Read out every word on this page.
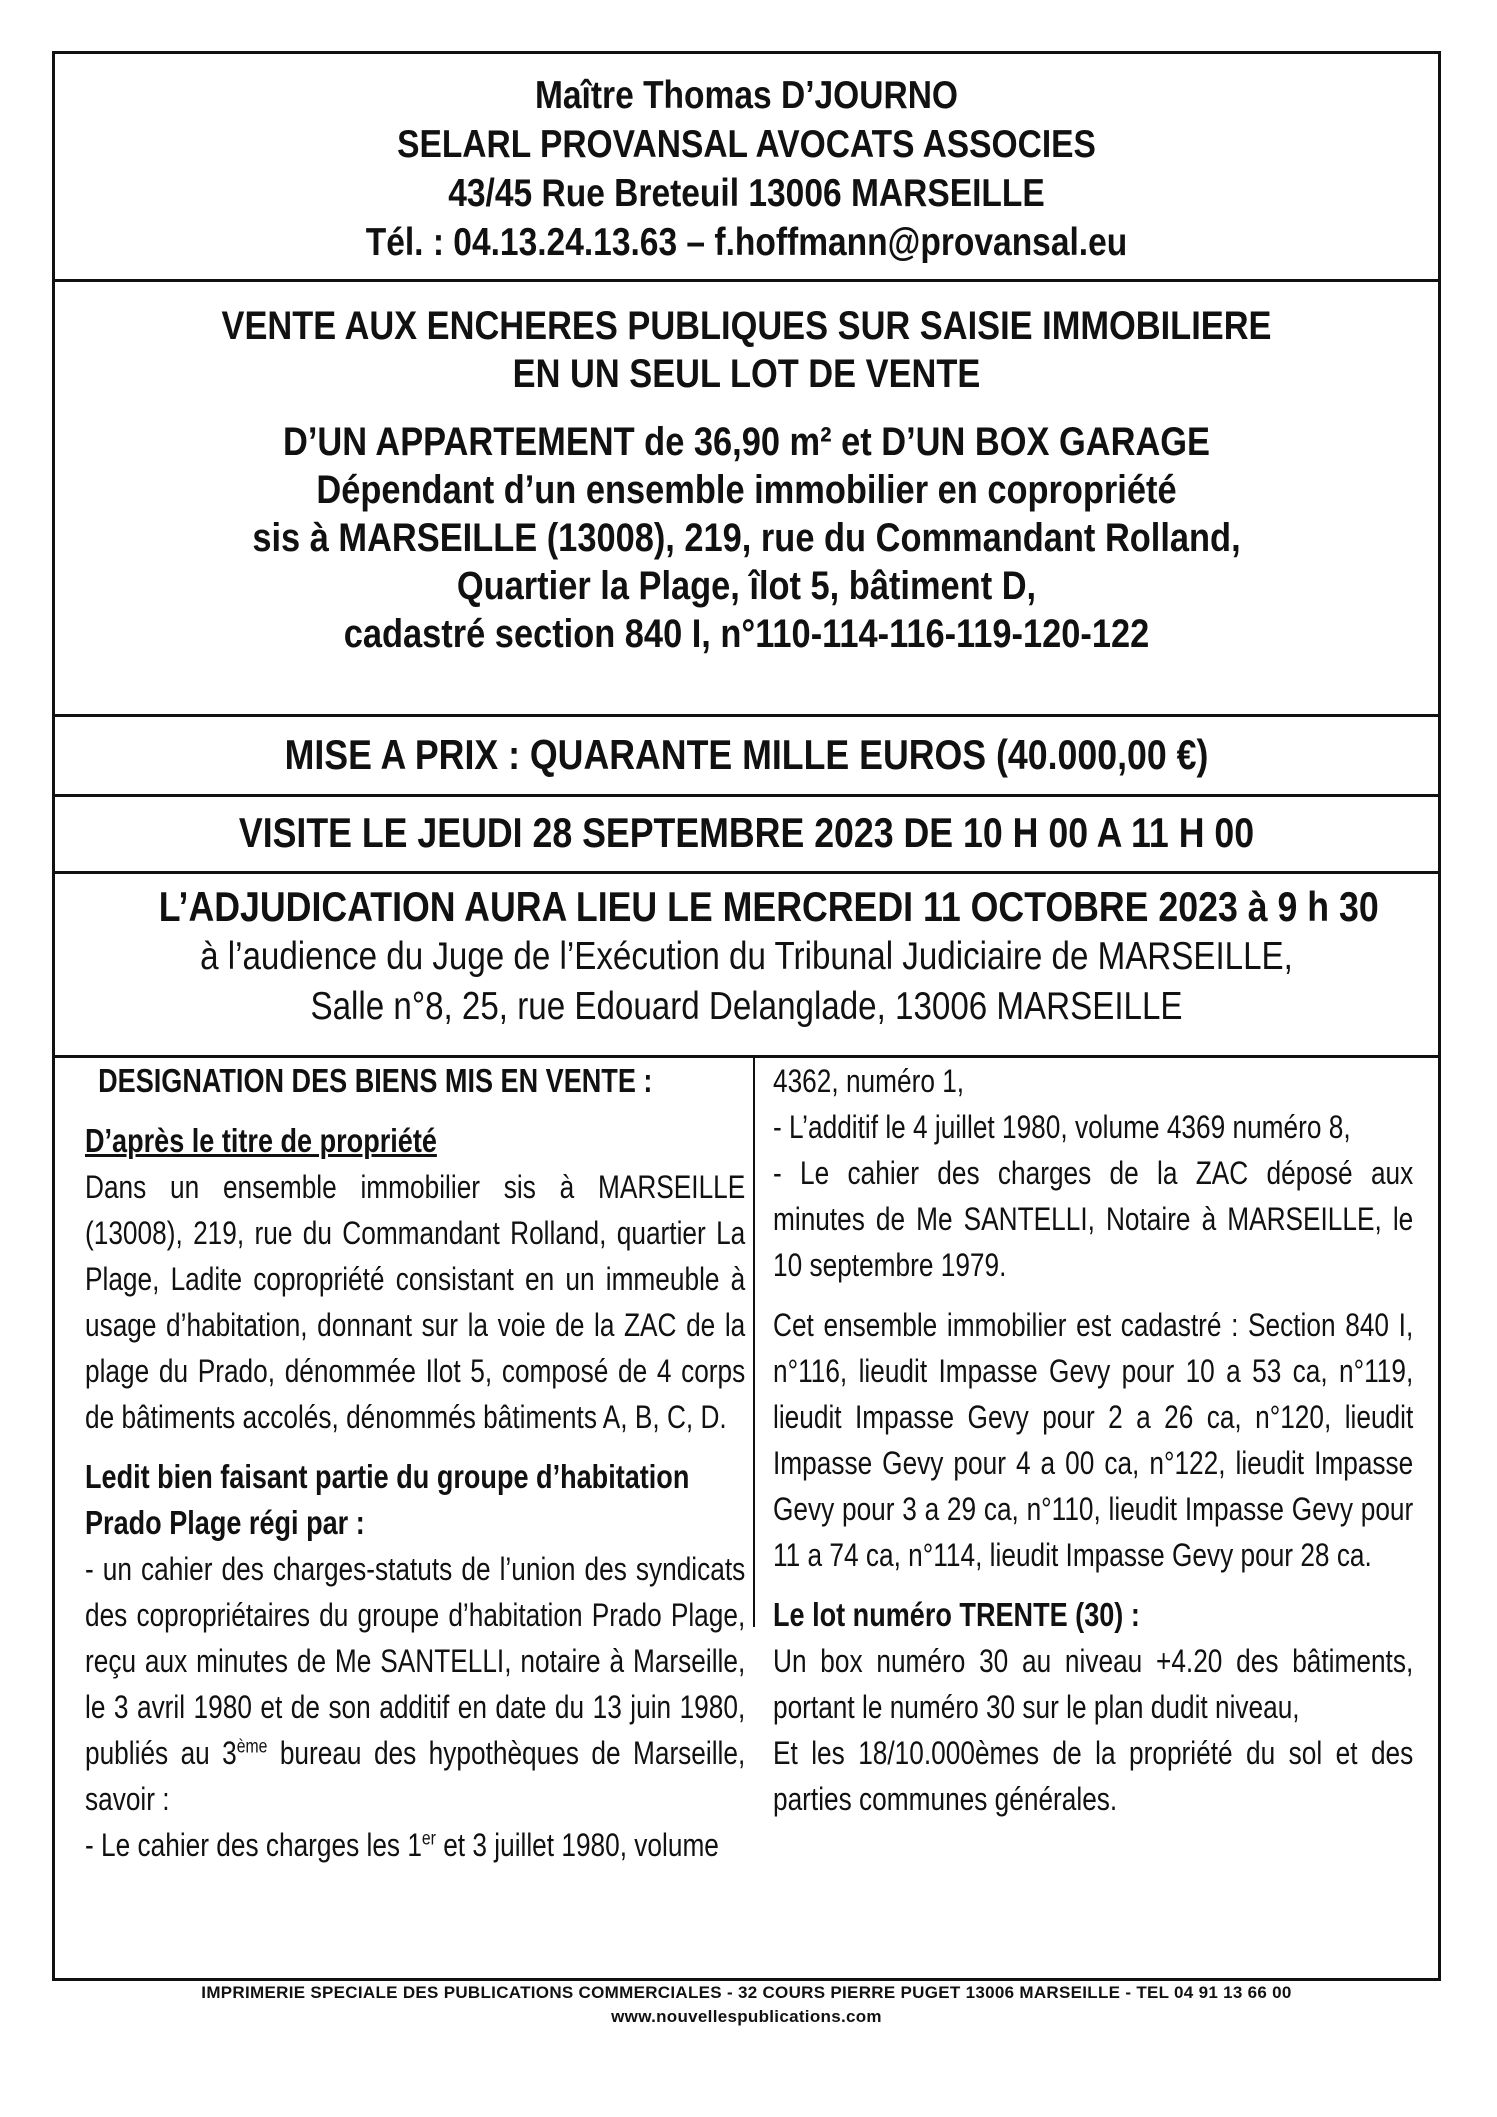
Maître Thomas D’JOURNO
SELARL PROVANSAL AVOCATS ASSOCIES
43/45 Rue Breteuil 13006 MARSEILLE
Tél. : 04.13.24.13.63 – f.hoffmann@provansal.eu
VENTE AUX ENCHERES PUBLIQUES SUR SAISIE IMMOBILIERE
EN UN SEUL LOT DE VENTE
D’UN APPARTEMENT de 36,90 m² et D’UN BOX GARAGE
Dépendant d’un ensemble immobilier en copropriété
sis à MARSEILLE (13008), 219, rue du Commandant Rolland,
Quartier la Plage, îlot 5, bâtiment D,
cadastré section 840 I, n°110-114-116-119-120-122
MISE A PRIX : QUARANTE MILLE EUROS (40.000,00 €)
VISITE LE JEUDI 28 SEPTEMBRE 2023 DE 10 H 00 A 11 H 00
L’ADJUDICATION AURA LIEU LE MERCREDI 11 OCTOBRE 2023 à 9 h 30
à l’audience du Juge de l’Exécution du Tribunal Judiciaire de MARSEILLE,
Salle n°8, 25, rue Edouard Delanglade, 13006 MARSEILLE

DESIGNATION DES BIENS MIS EN VENTE :

D’après le titre de propriété

Dans un ensemble immobilier sis à MARSEILLE (13008), 219, rue du Commandant Rolland, quartier La Plage, Ladite copropriété consistant en un immeuble à usage d’habitation, donnant sur la voie de la ZAC de la plage du Prado, dénommée Ilot 5, composé de 4 corps de bâtiments accolés, dénommés bâtiments A, B, C, D.

Ledit bien faisant partie du groupe d’habitation Prado Plage régi par :

- un cahier des charges-statuts de l’union des syndicats des copropriétaires du groupe d’habitation Prado Plage, reçu aux minutes de Me SANTELLI, notaire à Marseille, le 3 avril 1980 et de son additif en date du 13 juin 1980, publiés au 3ème bureau des hypothèques de Marseille, savoir :

- Le cahier des charges les 1er et 3 juillet 1980, volume

4362, numéro 1,

- L’additif le 4 juillet 1980, volume 4369 numéro 8,

- Le cahier des charges de la ZAC déposé aux minutes de Me SANTELLI, Notaire à MARSEILLE, le 10 septembre 1979.

Cet ensemble immobilier est cadastré : Section 840 I, n°116, lieudit Impasse Gevy pour 10 a 53 ca, n°119, lieudit Impasse Gevy pour 2 a 26 ca, n°120, lieudit Impasse Gevy pour 4 a 00 ca, n°122, lieudit Impasse Gevy pour 3 a 29 ca, n°110, lieudit Impasse Gevy pour 11 a 74 ca, n°114, lieudit Impasse Gevy pour 28 ca.

Le lot numéro TRENTE (30) :

Un box numéro 30 au niveau +4.20 des bâtiments, portant le numéro 30 sur le plan dudit niveau,

Et les 18/10.000èmes de la propriété du sol et des parties communes générales.

IMPRIMERIE SPECIALE DES PUBLICATIONS COMMERCIALES - 32 COURS PIERRE PUGET 13006 MARSEILLE - TEL 04 91 13 66 00
www.nouvellespublications.com
